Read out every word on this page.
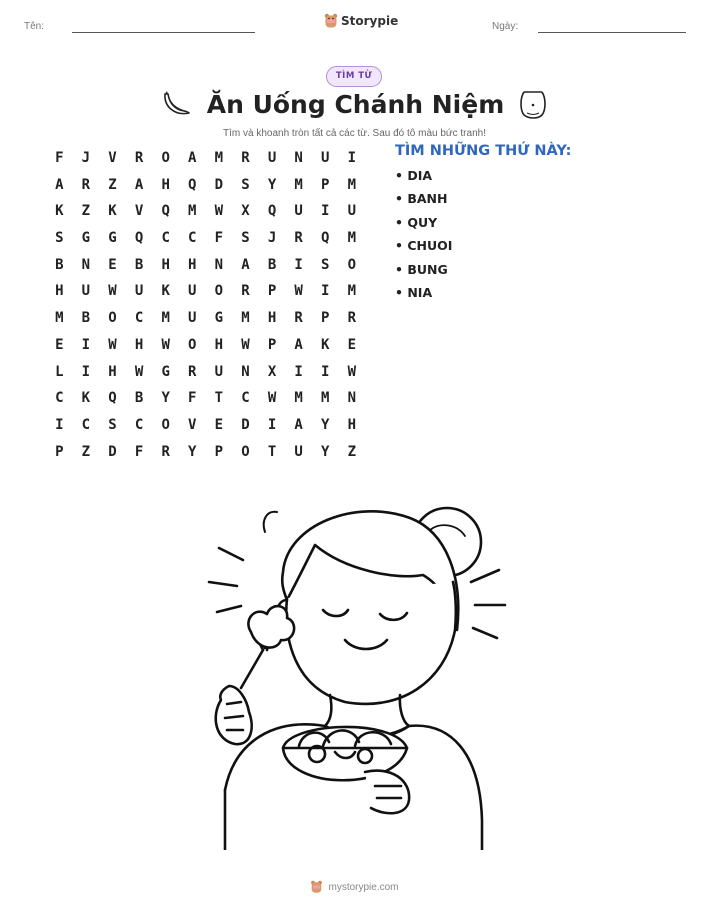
Tên:	Storypie	Ngày:
TÌM TỪ
Ăn Uống Chánh Niệm
Tìm và khoanh tròn tất cả các từ. Sau đó tô màu bức tranh!
F	J	V	R	O	A	M	R	U	N	U	I
A	R	Z	A	H	Q	D	S	Y	M	P	M
K	Z	K	V	Q	M	W	X	Q	U	I	U
S	G	G	Q	C	C	F	S	J	R	Q	M
B	N	E	B	H	H	N	A	B	I	S	O
H	U	W	U	K	U	O	R	P	W	I	M
M	B	O	C	M	U	G	M	H	R	P	R
E	I	W	H	W	O	H	W	P	A	K	E
L	I	H	W	G	R	U	N	X	I	I	W
C	K	Q	B	Y	F	T	C	W	M	M	N
I	C	S	C	O	V	E	D	I	A	Y	H
P	Z	D	F	R	Y	P	O	T	U	Y	Z
TÌM NHỮNG THỨ NÀY:
• DIA
• BANH
• QUY
• CHUOI
• BUNG
• NIA
mystorypie.com
